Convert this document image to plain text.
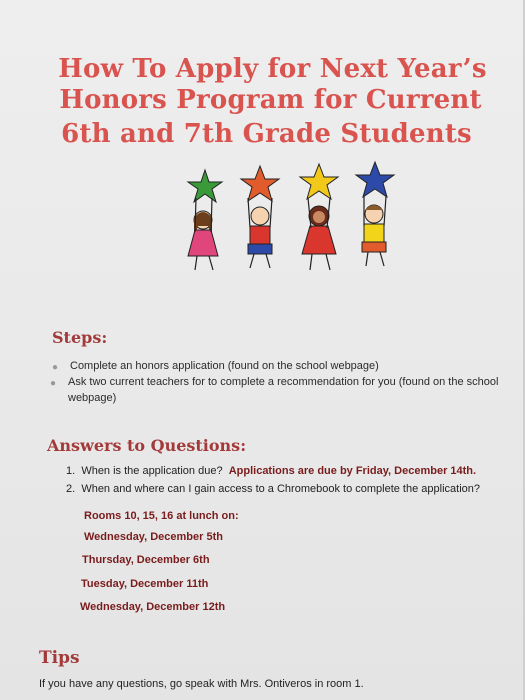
How To Apply for Next Year’s
Honors Program for Current
6th and 7th Grade Students
Steps:
● Complete an honors application (found on the school webpage)
● Ask two current teachers for to complete a recommendation for you (found on the school
webpage)
Answers to Questions:
1. When is the application due? Applications are due by Friday, December 14th.
2. When and where can I gain access to a Chromebook to complete the application?
Rooms 10, 15, 16 at lunch on:
Wednesday, December 5th
Thursday, December 6th
Tuesday, December 11th
Wednesday, December 12th
Tips
If you have any questions, go speak with Mrs. Ontiveros in room 1.
